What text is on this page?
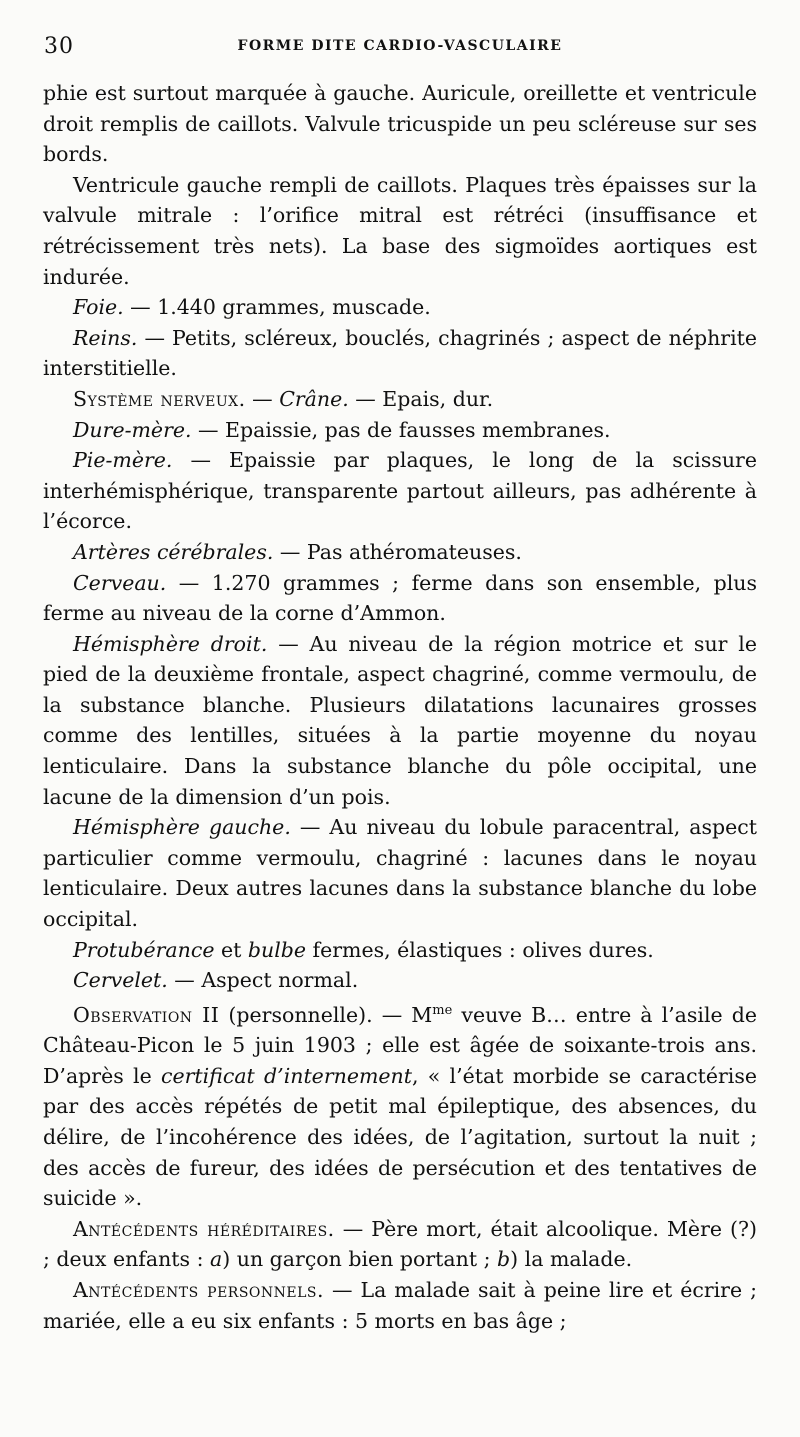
30	FORME DITE CARDIO-VASCULAIRE

phie est surtout marquée à gauche. Auricule, oreillette et ventricule droit remplis de caillots. Valvule tricuspide un peu scléreuse sur ses bords.

Ventricule gauche rempli de caillots. Plaques très épaisses sur la valvule mitrale : l’orifice mitral est rétréci (insuffisance et rétrécissement très nets). La base des sigmoïdes aortiques est indurée.

Foie. — 1.440 grammes, muscade.

Reins. — Petits, scléreux, bouclés, chagrinés ; aspect de néphrite interstitielle.

Système nerveux. — Crâne. — Epais, dur.

Dure-mère. — Epaissie, pas de fausses membranes.

Pie-mère. — Epaissie par plaques, le long de la scissure interhémisphérique, transparente partout ailleurs, pas adhérente à l’écorce.

Artères cérébrales. — Pas athéromateuses.

Cerveau. — 1.270 grammes ; ferme dans son ensemble, plus ferme au niveau de la corne d’Ammon.

Hémisphère droit. — Au niveau de la région motrice et sur le pied de la deuxième frontale, aspect chagriné, comme vermoulu, de la substance blanche. Plusieurs dilatations lacunaires grosses comme des lentilles, situées à la partie moyenne du noyau lenticulaire. Dans la substance blanche du pôle occipital, une lacune de la dimension d’un pois.

Hémisphère gauche. — Au niveau du lobule paracentral, aspect particulier comme vermoulu, chagriné : lacunes dans le noyau lenticulaire. Deux autres lacunes dans la substance blanche du lobe occipital.

Protubérance et bulbe fermes, élastiques : olives dures.

Cervelet. — Aspect normal.

Observation II (personnelle). — $M^{me}$ veuve B… entre à l’asile de Château-Picon le 5 juin 1903 ; elle est âgée de soixante-trois ans. D’après le certificat d’internement, « l’état morbide se caractérise par des accès répétés de petit mal épileptique, des absences, du délire, de l’incohérence des idées, de l’agitation, surtout la nuit ; des accès de fureur, des idées de persécution et des tentatives de suicide ».

Antécédents héréditaires. — Père mort, était alcoolique. Mère (?) ; deux enfants : a) un garçon bien portant ; b) la malade.

Antécédents personnels. — La malade sait à peine lire et écrire ; mariée, elle a eu six enfants : 5 morts en bas âge ;
